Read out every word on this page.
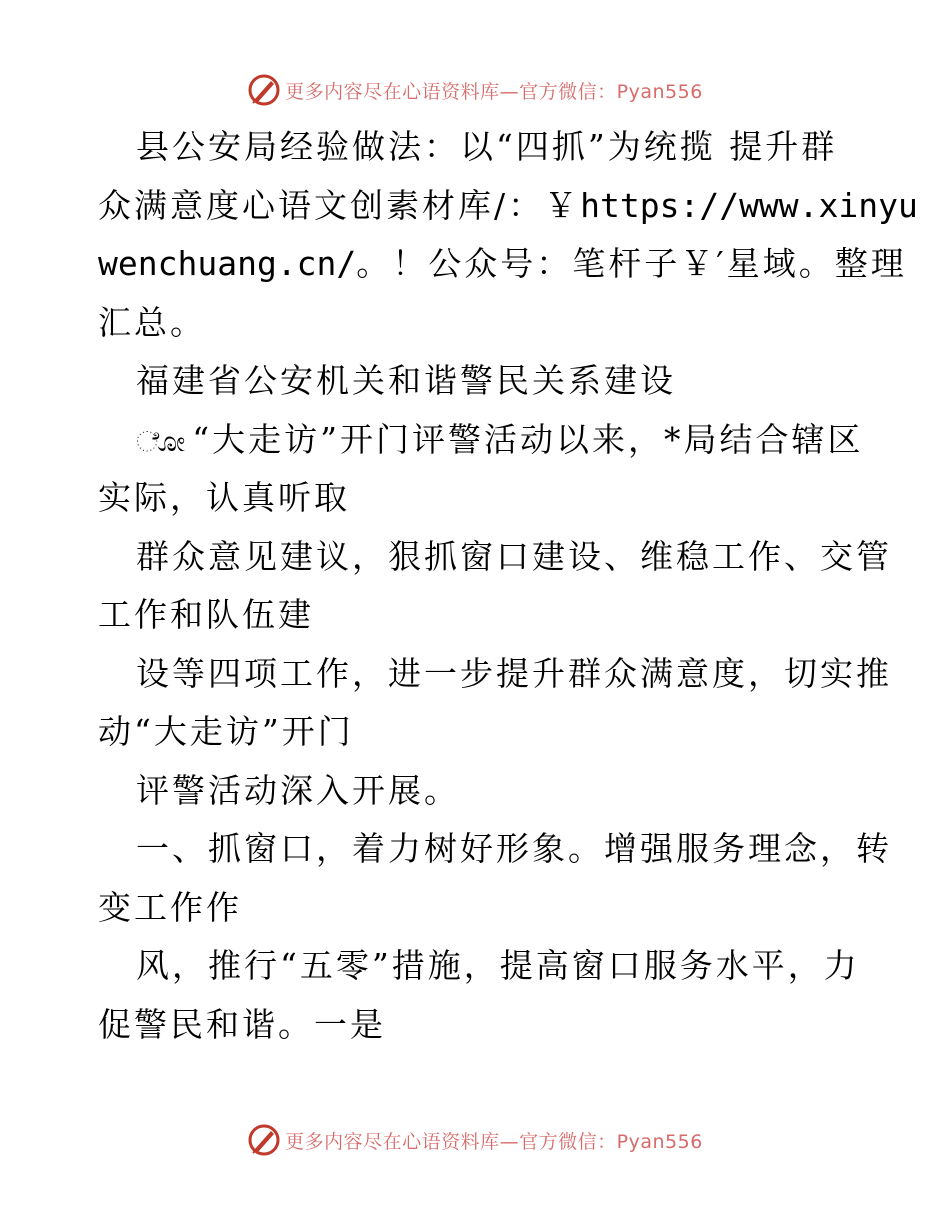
更多内容尽在心语资料库—官方微信：Pyan556
县公安局经验做法：以“四抓”为统揽 提升群
众满意度心语文创素材库/：￥https://www.xinyu
wenchuang.cn/。！公众号：笔杆子￥′星域。整理
汇总。
福建省公安机关和谐警民关系建设
ೋ “大走访”开门评警活动以来，*局结合辖区
实际，认真听取
群众意见建议，狠抓窗口建设、维稳工作、交管
工作和队伍建
设等四项工作，进一步提升群众满意度，切实推
动“大走访”开门
评警活动深入开展。
一、抓窗口，着力树好形象。增强服务理念，转
变工作作
风，推行“五零”措施，提高窗口服务水平，力
促警民和谐。一是
更多内容尽在心语资料库—官方微信：Pyan556
